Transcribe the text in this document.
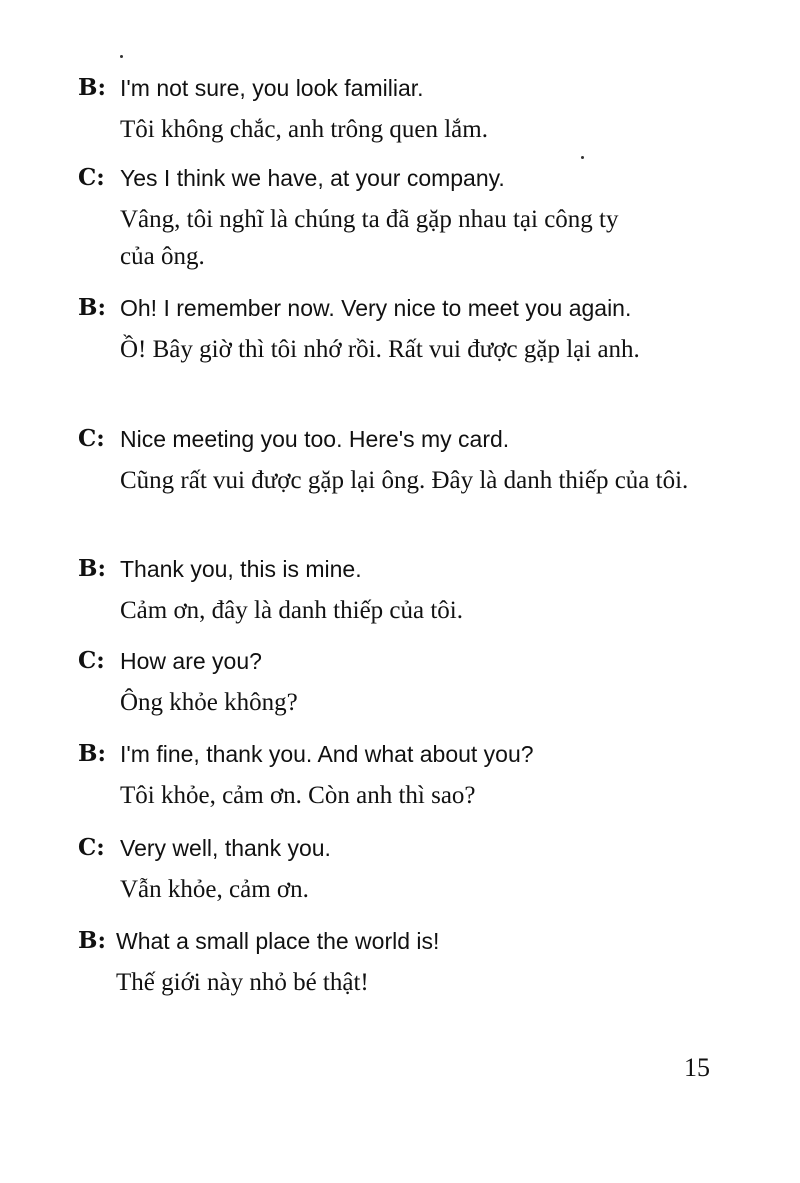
B: I'm not sure, you look familiar.
Tôi không chắc, anh trông quen lắm.
C: Yes I think we have, at your company.
Vâng, tôi nghĩ là chúng ta đã gặp nhau tại công ty của ông.
B: Oh! I remember now. Very nice to meet you again.
Ồ! Bây giờ thì tôi nhớ rồi. Rất vui được gặp lại anh.
C: Nice meeting you too. Here's my card.
Cũng rất vui được gặp lại ông. Đây là danh thiếp của tôi.
B: Thank you, this is mine.
Cảm ơn, đây là danh thiếp của tôi.
C: How are you?
Ông khỏe không?
B: I'm fine, thank you. And what about you?
Tôi khỏe, cảm ơn. Còn anh thì sao?
C: Very well, thank you.
Vẫn khỏe, cảm ơn.
B: What a small place the world is!
Thế giới này nhỏ bé thật!
15
